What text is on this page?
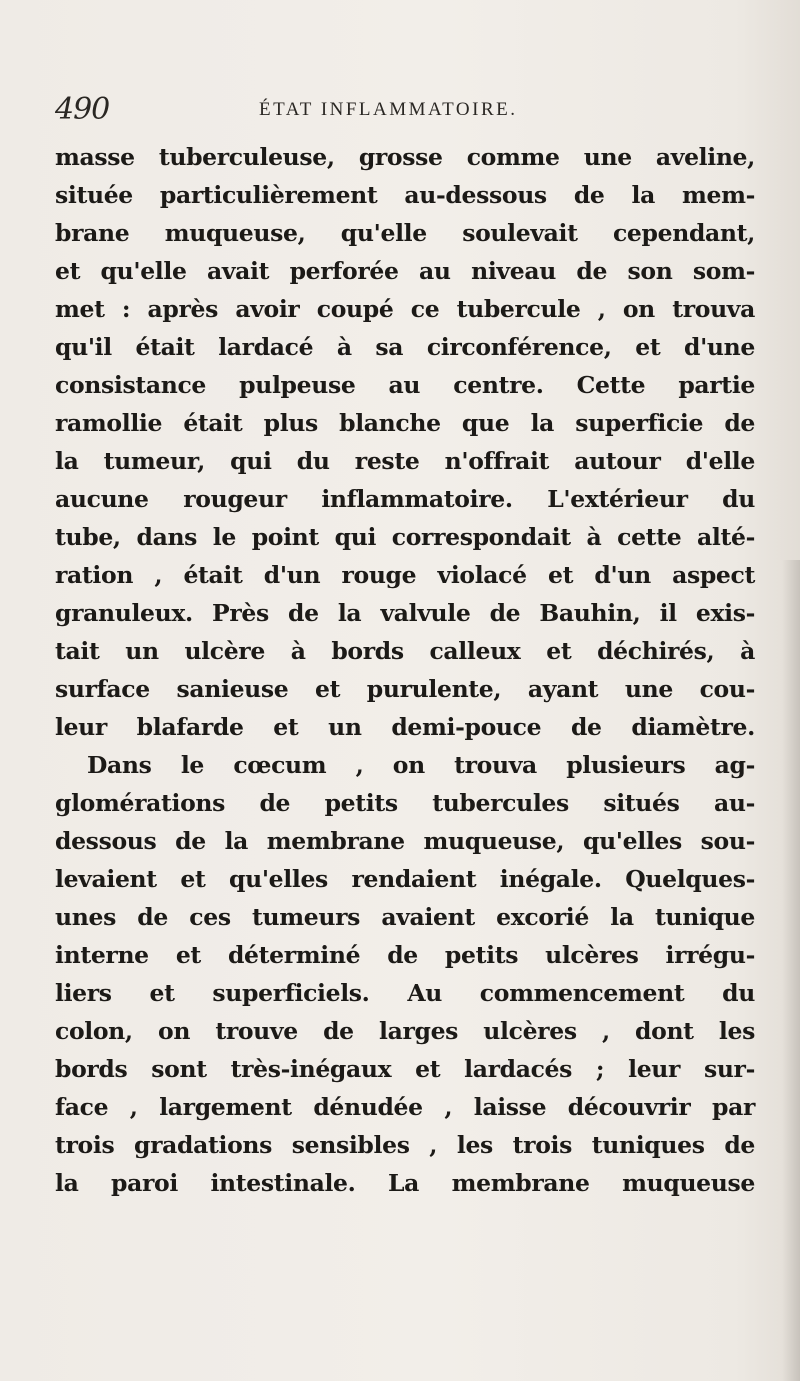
490	ÉTAT INFLAMMATOIRE.
masse tuberculeuse, grosse comme une aveline,
située particulièrement au-dessous de la mem-
brane muqueuse, qu'elle soulevait cependant,
et qu'elle avait perforée au niveau de son som-
met : après avoir coupé ce tubercule , on trouva
qu'il était lardacé à sa circonférence, et d'une
consistance pulpeuse au centre. Cette partie
ramollie était plus blanche que la superficie de
la tumeur, qui du reste n'offrait autour d'elle
aucune rougeur inflammatoire. L'extérieur du
tube, dans le point qui correspondait à cette alté-
ration , était d'un rouge violacé et d'un aspect
granuleux. Près de la valvule de Bauhin, il exis-
tait un ulcère à bords calleux et déchirés, à
surface sanieuse et purulente, ayant une cou-
leur blafarde et un demi-pouce de diamètre.
Dans le cœcum , on trouva plusieurs ag-
glomérations de petits tubercules situés au-
dessous de la membrane muqueuse, qu'elles sou-
levaient et qu'elles rendaient inégale. Quelques-
unes de ces tumeurs avaient excorié la tunique
interne et déterminé de petits ulcères irrégu-
liers et superficiels. Au commencement du
colon, on trouve de larges ulcères , dont les
bords sont très-inégaux et lardacés ; leur sur-
face , largement dénudée , laisse découvrir par
trois gradations sensibles , les trois tuniques de
la paroi intestinale. La membrane muqueuse
